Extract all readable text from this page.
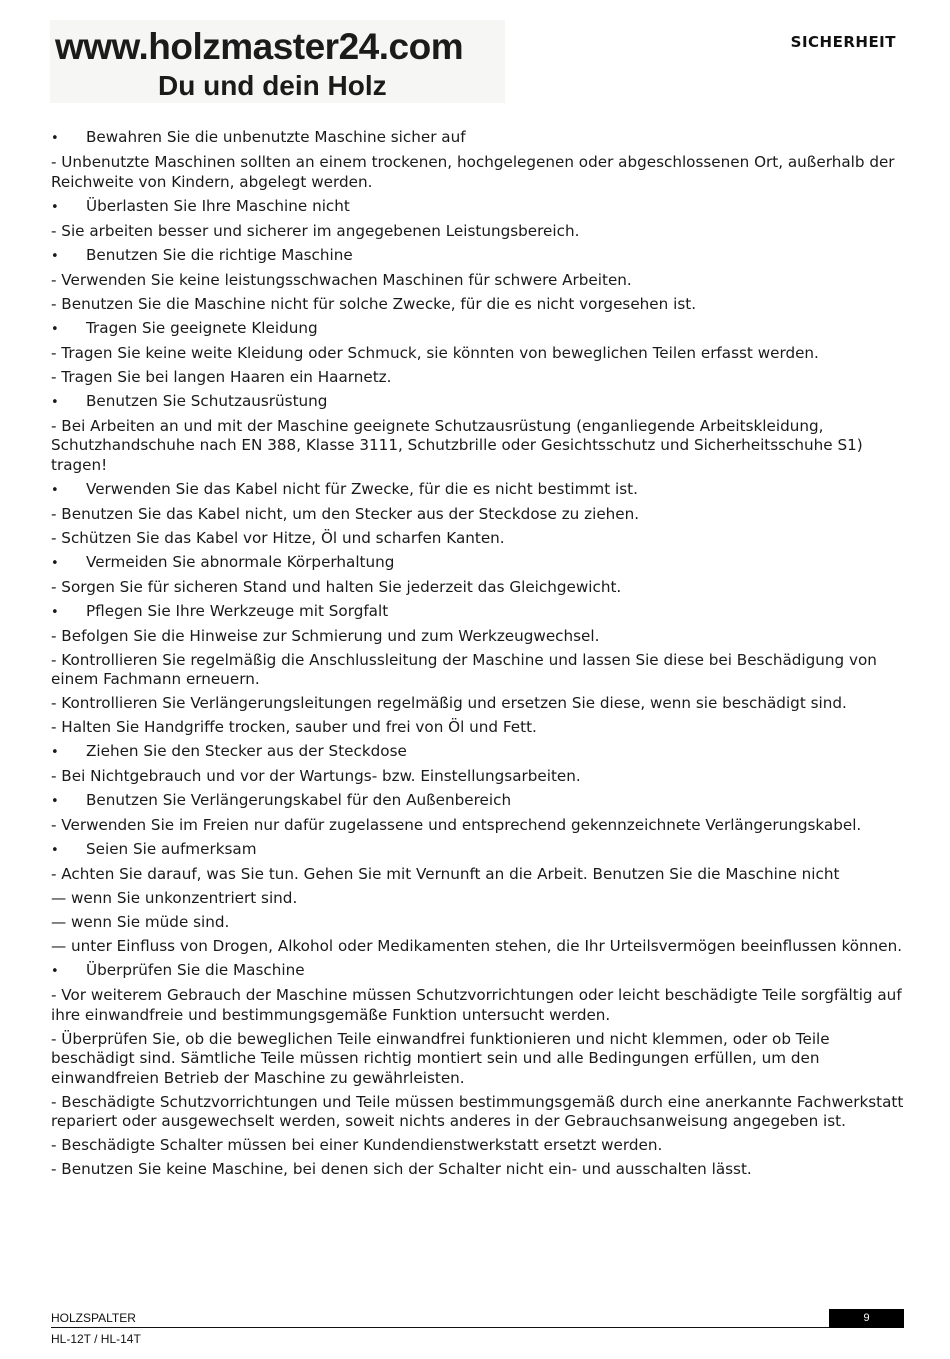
www.holzmaster24.com
Du und dein Holz
SICHERHEIT
•	Bewahren Sie die unbenutzte Maschine sicher auf
- Unbenutzte Maschinen sollten an einem trockenen, hochgelegenen oder abgeschlossenen Ort, außerhalb der Reichweite von Kindern, abgelegt werden.
•	Überlasten Sie Ihre Maschine nicht
- Sie arbeiten besser und sicherer im angegebenen Leistungsbereich.
•	Benutzen Sie die richtige Maschine
- Verwenden Sie keine leistungsschwachen Maschinen für schwere Arbeiten.
- Benutzen Sie die Maschine nicht für solche Zwecke, für die es nicht vorgesehen ist.
•	Tragen Sie geeignete Kleidung
- Tragen Sie keine weite Kleidung oder Schmuck, sie könnten von beweglichen Teilen erfasst werden.
- Tragen Sie bei langen Haaren ein Haarnetz.
•	Benutzen Sie Schutzausrüstung
- Bei Arbeiten an und mit der Maschine geeignete Schutzausrüstung (enganliegende Arbeitskleidung, Schutzhandschuhe nach EN 388, Klasse 3111, Schutzbrille oder Gesichtsschutz und Sicherheitsschuhe S1) tragen!
•	Verwenden Sie das Kabel nicht für Zwecke, für die es nicht bestimmt ist.
- Benutzen Sie das Kabel nicht, um den Stecker aus der Steckdose zu ziehen.
- Schützen Sie das Kabel vor Hitze, Öl und scharfen Kanten.
•	Vermeiden Sie abnormale Körperhaltung
- Sorgen Sie für sicheren Stand und halten Sie jederzeit das Gleichgewicht.
•	Pflegen Sie Ihre Werkzeuge mit Sorgfalt
- Befolgen Sie die Hinweise zur Schmierung und zum Werkzeugwechsel.
- Kontrollieren Sie regelmäßig die Anschlussleitung der Maschine und lassen Sie diese bei Beschädigung von einem Fachmann erneuern.
- Kontrollieren Sie Verlängerungsleitungen regelmäßig und ersetzen Sie diese, wenn sie beschädigt sind.
- Halten Sie Handgriffe trocken, sauber und frei von Öl und Fett.
•	Ziehen Sie den Stecker aus der Steckdose
- Bei Nichtgebrauch und vor der Wartungs- bzw. Einstellungsarbeiten.
•	Benutzen Sie Verlängerungskabel für den Außenbereich
- Verwenden Sie im Freien nur dafür zugelassene und entsprechend gekennzeichnete Verlängerungskabel.
•	Seien Sie aufmerksam
- Achten Sie darauf, was Sie tun. Gehen Sie mit Vernunft an die Arbeit. Benutzen Sie die Maschine nicht
— wenn Sie unkonzentriert sind.
— wenn Sie müde sind.
— unter Einfluss von Drogen, Alkohol oder Medikamenten stehen, die Ihr Urteilsvermögen beeinflussen können.
•	Überprüfen Sie die Maschine
- Vor weiterem Gebrauch der Maschine müssen Schutzvorrichtungen oder leicht beschädigte Teile sorgfältig auf ihre einwandfreie und bestimmungsgemäße Funktion untersucht werden.
- Überprüfen Sie, ob die beweglichen Teile einwandfrei funktionieren und nicht klemmen, oder ob Teile beschädigt sind. Sämtliche Teile müssen richtig montiert sein und alle Bedingungen erfüllen, um den einwandfreien Betrieb der Maschine zu gewährleisten.
- Beschädigte Schutzvorrichtungen und Teile müssen bestimmungsgemäß durch eine anerkannte Fachwerkstatt repariert oder ausgewechselt werden, soweit nichts anderes in der Gebrauchsanweisung angegeben ist.
- Beschädigte Schalter müssen bei einer Kundendienstwerkstatt ersetzt werden.
- Benutzen Sie keine Maschine, bei denen sich der Schalter nicht ein- und ausschalten lässt.
HOLZSPALTER
HL-12T / HL-14T
9
